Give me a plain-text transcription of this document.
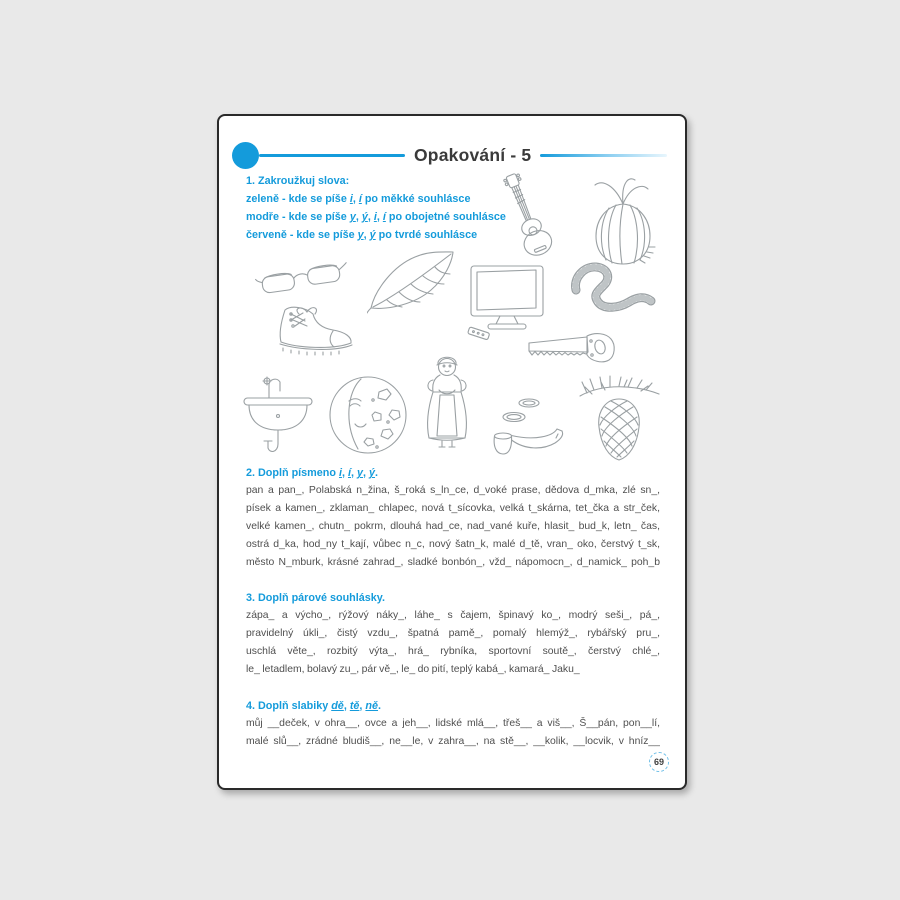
Opakování - 5
1. Zakroužkuj slova:
zeleně - kde se píše i, í po měkké souhlásce
modře - kde se píše y, ý, i, í po obojetné souhlásce
červeně - kde se píše y, ý po tvrdé souhlásce
2. Doplň písmeno i, í, y, ý.
pan a pan_, Polabská n_žina, š_roká s_ln_ce, d_voké prase, dědova d_mka, zlé sn_,
písek a kamen_, zklaman_ chlapec, nová t_sícovka, velká t_skárna, tet_čka a str_ček,
velké kamen_, chutn_ pokrm, dlouhá had_ce, nad_vané kuře, hlasit_ bud_k, letn_ čas,
ostrá d_ka, hod_ny t_kají, vůbec n_c, nový šatn_k, malé d_tě, vran_ oko, čerstvý t_sk,
město N_mburk, krásné zahrad_, sladké bonbón_, vžd_ nápomocn_, d_namick_ poh_b
3. Doplň párové souhlásky.
zápa_ a výcho_, rýžový náky_, láhe_ s čajem, špinavý ko_, modrý seši_, pá_,
pravidelný úkli_, čistý vzdu_, špatná pamě_, pomalý hlemýž_, rybářský pru_,
uschlá věte_, rozbitý výta_, hrá_ rybníka, sportovní soutě_, čerstvý chlé_,
le_ letadlem, bolavý zu_, pár vě_, le_ do pití, teplý kabá_, kamará_ Jaku_
4. Doplň slabiky dě, tě, ně.
můj __deček, v ohra__, ovce a jeh__, lidské mlá__, třeš__ a viš__, Š__pán, pon__lí,
malé slů__, zrádné bludiš__, ne__le, v zahra__, na stě__, __kolik, __locvik, v hníz__
69
